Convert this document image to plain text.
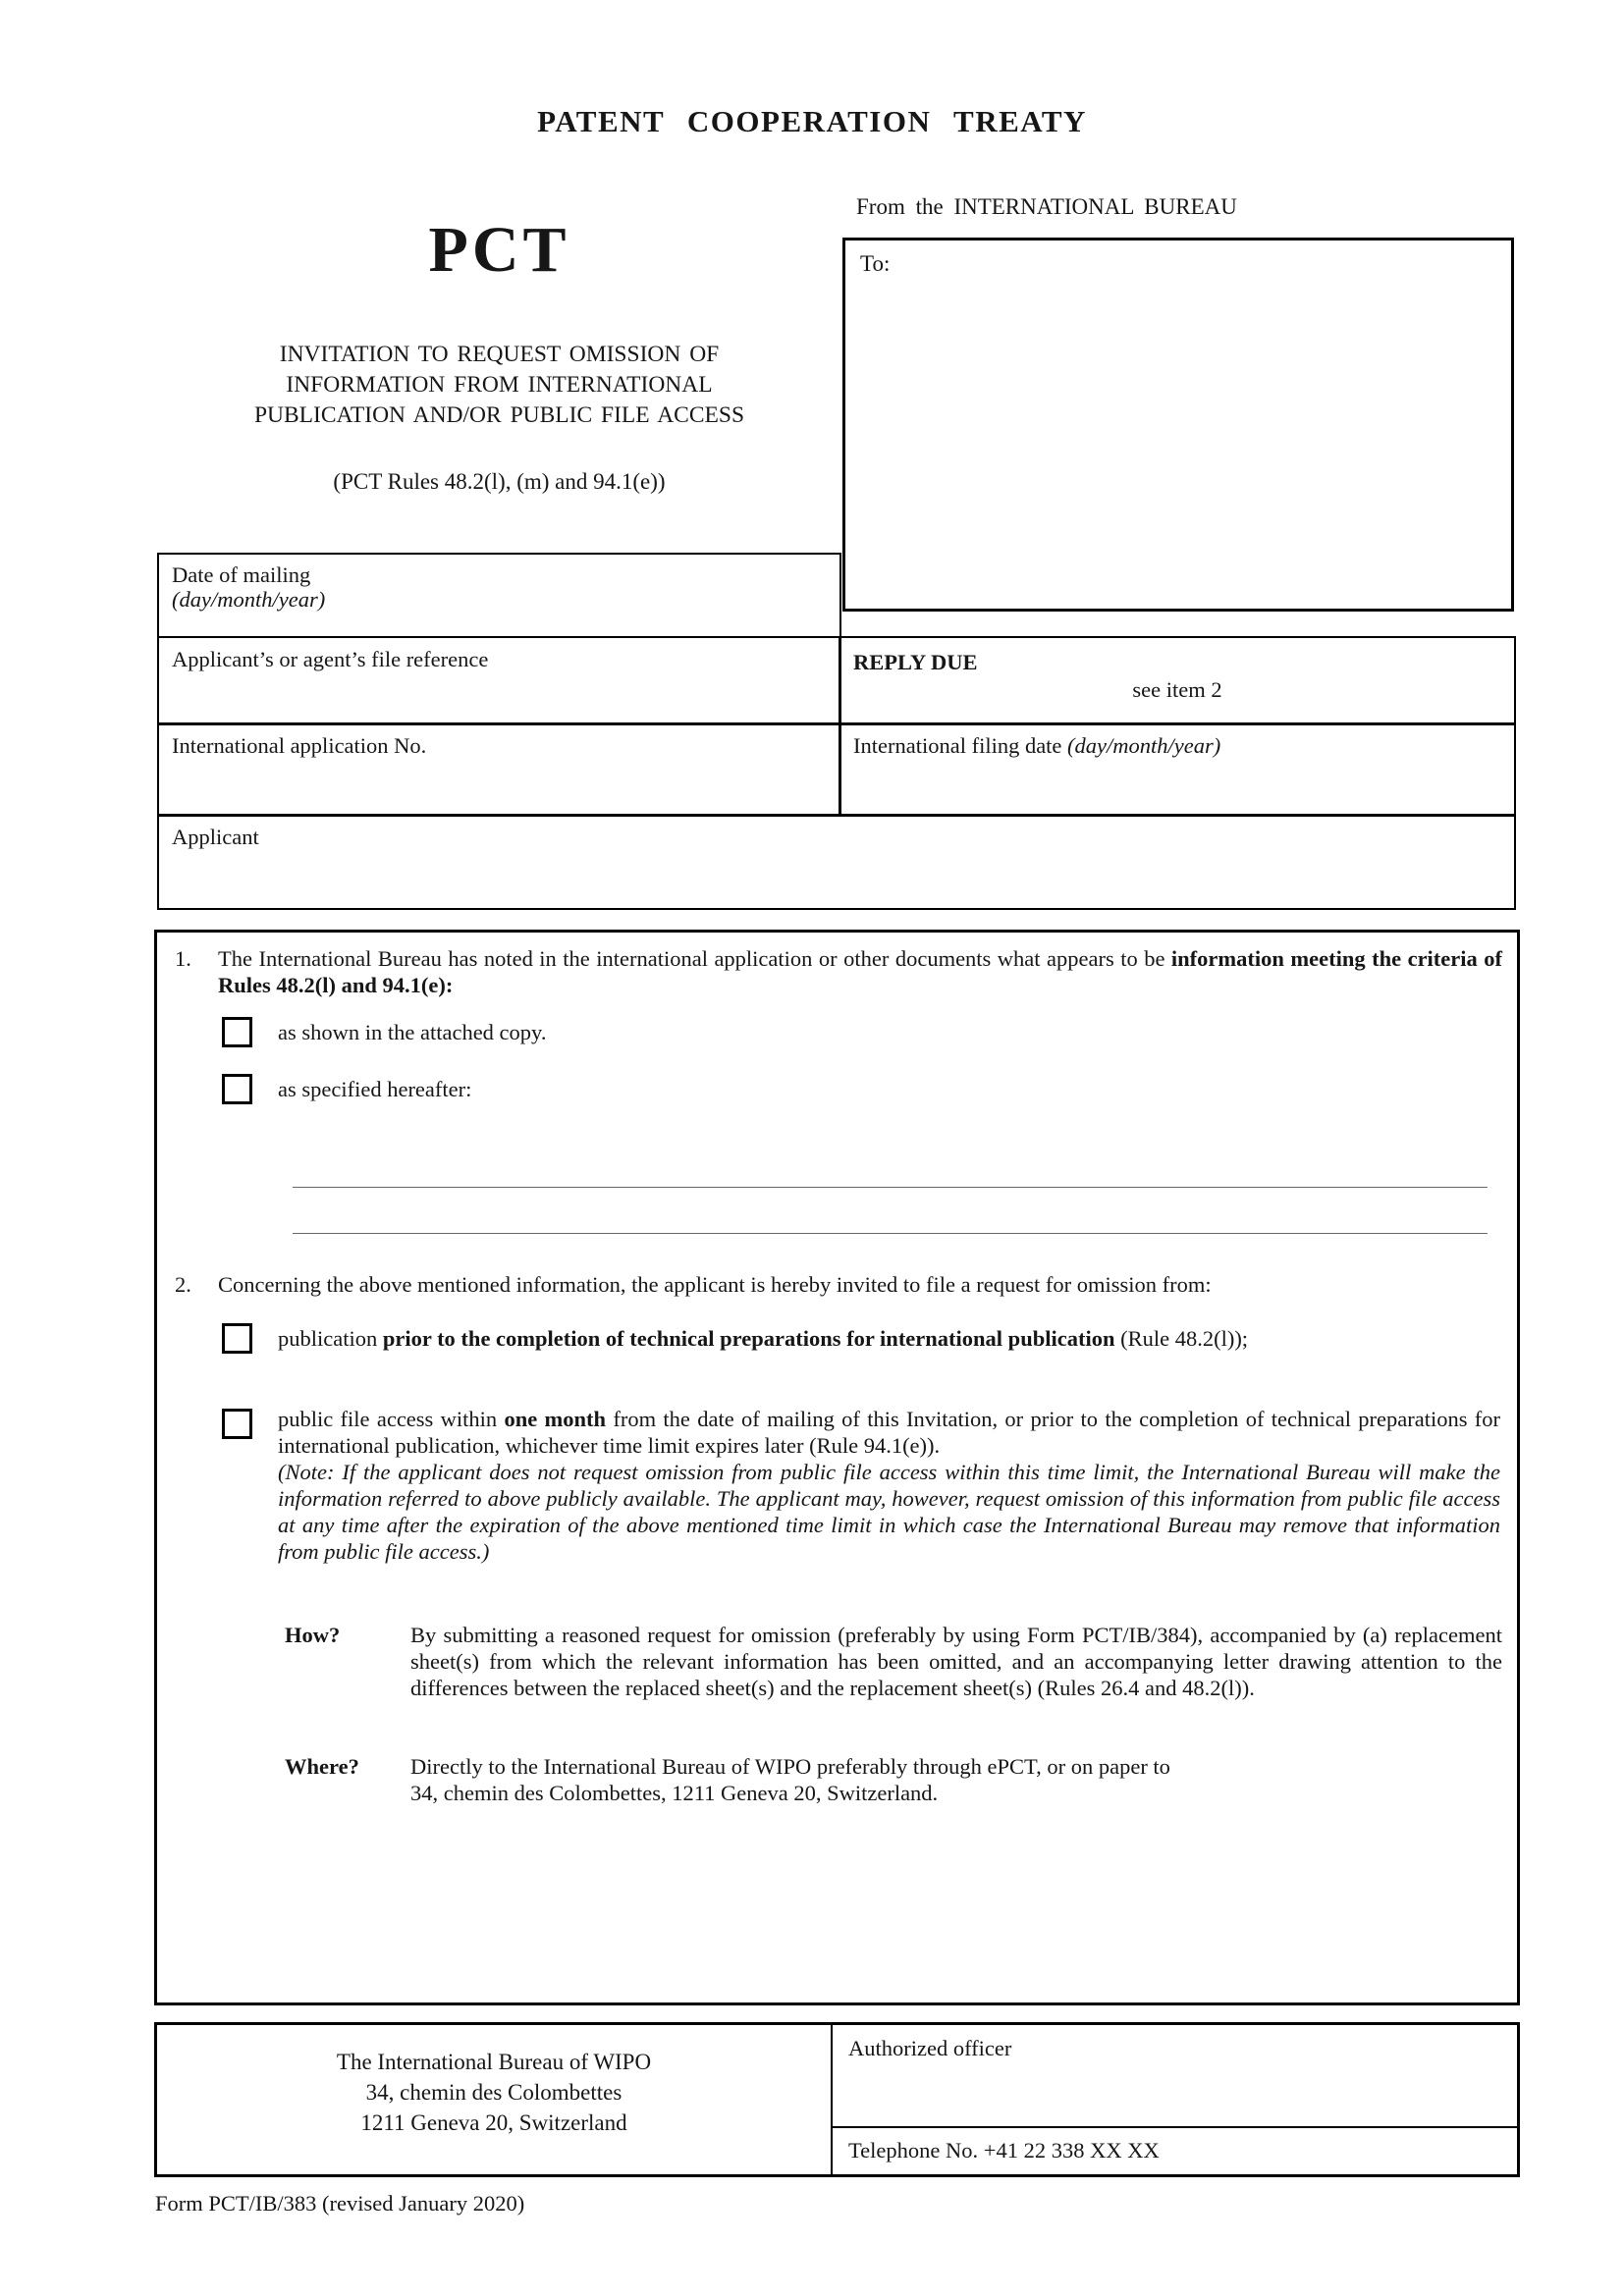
PATENT COOPERATION TREATY
From the INTERNATIONAL BUREAU
PCT	To:
INVITATION TO REQUEST OMISSION OF
INFORMATION FROM INTERNATIONAL
PUBLICATION AND/OR PUBLIC FILE ACCESS
(PCT Rules 48.2(l), (m) and 94.1(e))
Date of mailing
(day/month/year)
Applicant’s or agent’s file reference	REPLY DUE
see item 2
International application No.	International filing date (day/month/year)
Applicant
1.	The International Bureau has noted in the international application or other documents what appears to be information meeting the criteria of Rules 48.2(l) and 94.1(e):
as shown in the attached copy.
as specified hereafter:
2.	Concerning the above mentioned information, the applicant is hereby invited to file a request for omission from:
publication prior to the completion of technical preparations for international publication (Rule 48.2(l));
public file access within one month from the date of mailing of this Invitation, or prior to the completion of technical preparations for international publication, whichever time limit expires later (Rule 94.1(e)).
(Note: If the applicant does not request omission from public file access within this time limit, the International Bureau will make the information referred to above publicly available. The applicant may, however, request omission of this information from public file access at any time after the expiration of the above mentioned time limit in which case the International Bureau may remove that information from public file access.)
How?	By submitting a reasoned request for omission (preferably by using Form PCT/IB/384), accompanied by (a) replacement sheet(s) from which the relevant information has been omitted, and an accompanying letter drawing attention to the differences between the replaced sheet(s) and the replacement sheet(s) (Rules 26.4 and 48.2(l)).
Where?	Directly to the International Bureau of WIPO preferably through ePCT, or on paper to
34, chemin des Colombettes, 1211 Geneva 20, Switzerland.
The International Bureau of WIPO
34, chemin des Colombettes
1211 Geneva 20, Switzerland
Authorized officer
Telephone No. +41 22 338 XX XX
Form PCT/IB/383 (revised January 2020)
